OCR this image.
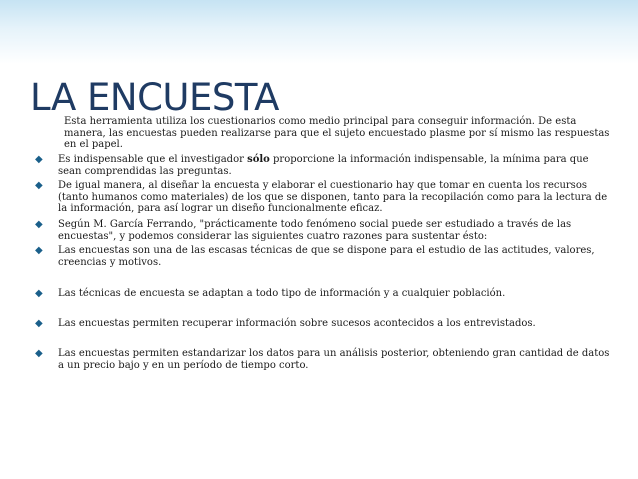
LA ENCUESTA

Esta herramienta utiliza los cuestionarios como medio principal para conseguir información. De esta manera, las encuestas pueden realizarse para que el sujeto encuestado plasme por sí mismo las respuestas en el papel.

◆

Es indispensable que el investigador sólo proporcione la información indispensable, la mínima para que sean comprendidas las preguntas.

◆

De igual manera, al diseñar la encuesta y elaborar el cuestionario hay que tomar en cuenta los recursos (tanto humanos como materiales) de los que se disponen, tanto para la recopilación como para la lectura de la información, para así lograr un diseño funcionalmente eficaz.

◆

Según M. García Ferrando, "prácticamente todo fenómeno social puede ser estudiado a través de las encuestas", y podemos considerar las siguientes cuatro razones para sustentar ésto:

◆

Las encuestas son una de las escasas técnicas de que se dispone para el estudio de las actitudes, valores, creencias y motivos.

◆

Las técnicas de encuesta se adaptan a todo tipo de información y a cualquier población.

◆

Las encuestas permiten recuperar información sobre sucesos acontecidos a los entrevistados.

◆

Las encuestas permiten estandarizar los datos para un análisis posterior, obteniendo gran cantidad de datos a un precio bajo y en un período de tiempo corto.
